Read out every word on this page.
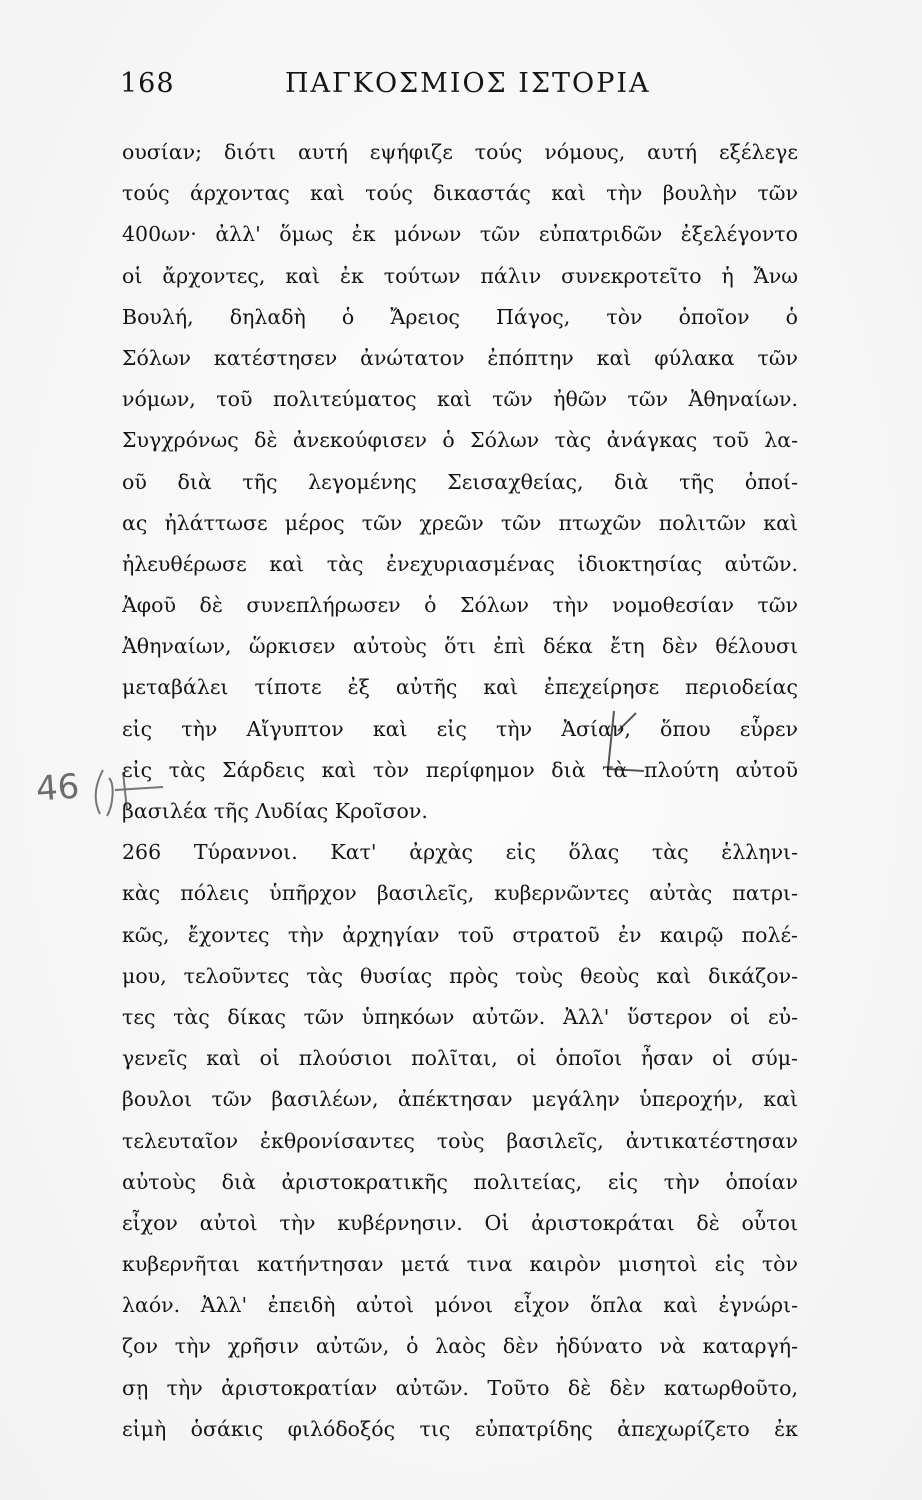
168	ΠΑΓΚΟΣΜΙΟΣ ΙΣΤΟΡΙΑ
46
ουσίαν; διότι αυτή εψήφιζε τούς νόμους, αυτή εξέλεγε
τούς άρχοντας καὶ τούς δικαστάς καὶ τὴν βουλὴν τῶν
400ων· ἀλλ' ὅμως ἐκ μόνων τῶν εὐπατριδῶν ἐξελέγοντο
οἱ ἄρχοντες, καὶ ἐκ τούτων πάλιν συνεκροτεῖτο ἡ Ἄνω
Βουλή, δηλαδὴ ὁ Ἄρειος Πάγος, τὸν ὁποῖον ὁ
Σόλων κατέστησεν ἀνώτατον ἐπόπτην καὶ φύλακα τῶν
νόμων, τοῦ πολιτεύματος καὶ τῶν ἠθῶν τῶν Ἀθηναίων.
Συγχρόνως δὲ ἀνεκούφισεν ὁ Σόλων τὰς ἀνάγκας τοῦ λα-
οῦ διὰ τῆς λεγομένης Σεισαχθείας, διὰ τῆς ὁποί-
ας ἠλάττωσε μέρος τῶν χρεῶν τῶν πτωχῶν πολιτῶν καὶ
ἠλευθέρωσε καὶ τὰς ἐνεχυριασμένας ἰδιοκτησίας αὐτῶν.
Ἀφοῦ δὲ συνεπλήρωσεν ὁ Σόλων τὴν νομοθεσίαν τῶν
Ἀθηναίων, ὥρκισεν αὐτοὺς ὅτι ἐπὶ δέκα ἔτη δὲν θέλουσι
μεταβάλει τίποτε ἐξ αὐτῆς καὶ ἐπεχείρησε περιοδείας
εἰς τὴν Αἴγυπτον καὶ εἰς τὴν Ἀσίαν, ὅπου εὗρεν
εἰς τὰς Σάρδεις καὶ τὸν περίφημον διὰ τὰ πλούτη αὐτοῦ
βασιλέα τῆς Λυδίας Κροῖσον.
266 Τύραννοι. Κατ' ἀρχὰς εἰς ὅλας τὰς ἑλληνι-
κὰς πόλεις ὑπῆρχον βασιλεῖς, κυβερνῶντες αὐτὰς πατρι-
κῶς, ἔχοντες τὴν ἀρχηγίαν τοῦ στρατοῦ ἐν καιρῷ πολέ-
μου, τελοῦντες τὰς θυσίας πρὸς τοὺς θεοὺς καὶ δικάζον-
τες τὰς δίκας τῶν ὑπηκόων αὐτῶν. Ἀλλ' ὕστερον οἱ εὐ-
γενεῖς καὶ οἱ πλούσιοι πολῖται, οἱ ὁποῖοι ἦσαν οἱ σύμ-
βουλοι τῶν βασιλέων, ἀπέκτησαν μεγάλην ὑπεροχήν, καὶ
τελευταῖον ἐκθρονίσαντες τοὺς βασιλεῖς, ἀντικατέστησαν
αὐτοὺς διὰ ἀριστοκρατικῆς πολιτείας, εἰς τὴν ὁποίαν
εἶχον αὐτοὶ τὴν κυβέρνησιν. Οἱ ἀριστοκράται δὲ οὗτοι
κυβερνῆται κατήντησαν μετά τινα καιρὸν μισητοὶ εἰς τὸν
λαόν. Ἀλλ' ἐπειδὴ αὐτοὶ μόνοι εἶχον ὅπλα καὶ ἐγνώρι-
ζον τὴν χρῆσιν αὐτῶν, ὁ λαὸς δὲν ἠδύνατο νὰ καταργή-
σῃ τὴν ἀριστοκρατίαν αὐτῶν. Τοῦτο δὲ δὲν κατωρθοῦτο,
εἰμὴ ὁσάκις φιλόδοξός τις εὐπατρίδης ἀπεχωρίζετο ἐκ
